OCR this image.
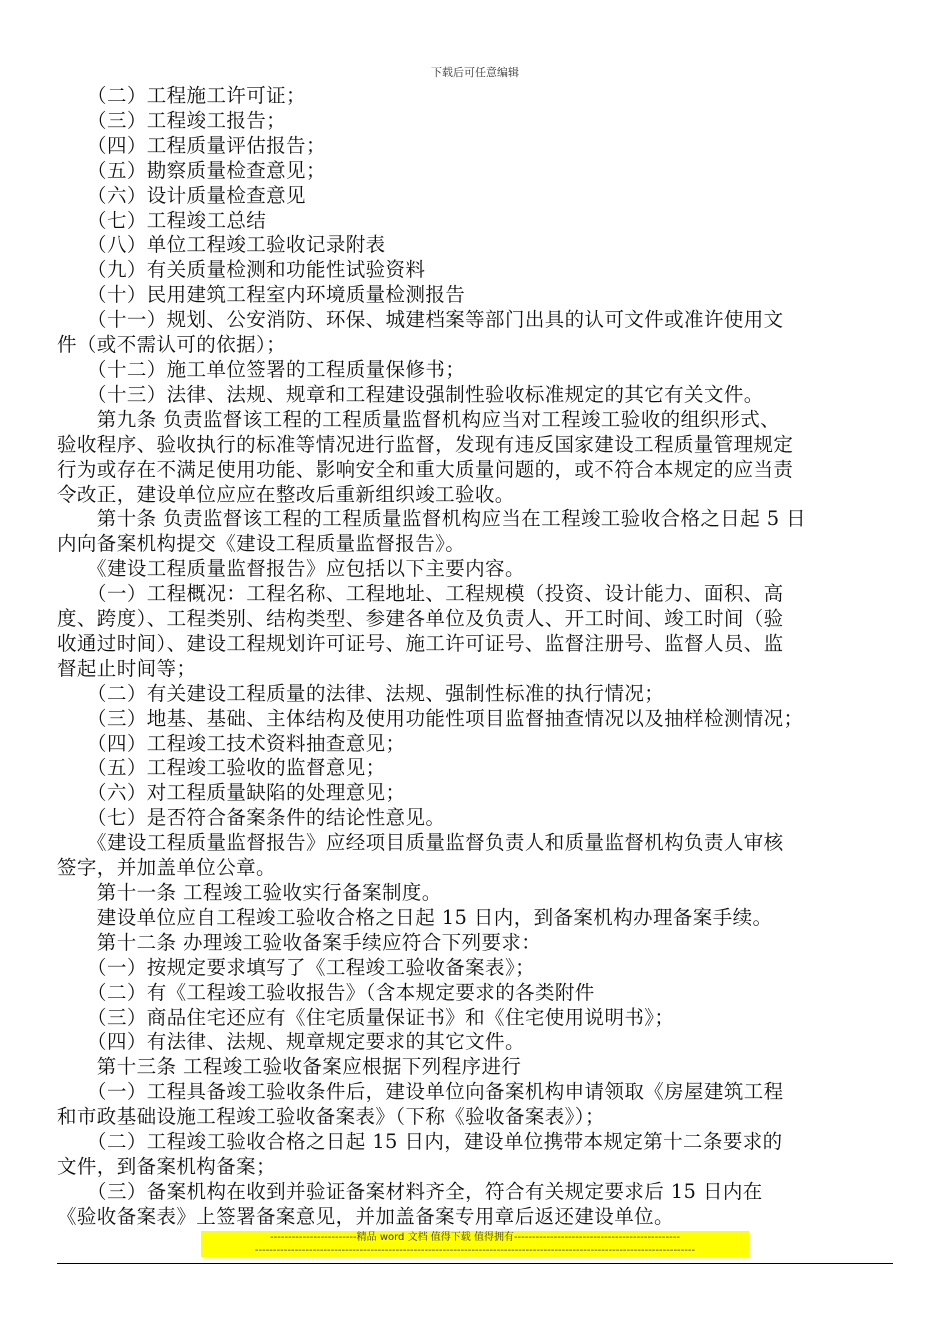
下载后可任意编辑
　　（二）工程施工许可证；
　　（三）工程竣工报告；
　　（四）工程质量评估报告；
　　（五）勘察质量检查意见；
　　（六）设计质量检查意见
　　（七）工程竣工总结
　　（八）单位工程竣工验收记录附表
　　（九）有关质量检测和功能性试验资料
　　（十）民用建筑工程室内环境质量检测报告
　　（十一）规划、公安消防、环保、城建档案等部门出具的认可文件或准许使用文
件（或不需认可的依据）；
　　（十二）施工单位签署的工程质量保修书；
　　（十三）法律、法规、规章和工程建设强制性验收标准规定的其它有关文件。
　　第九条 负责监督该工程的工程质量监督机构应当对工程竣工验收的组织形式、
验收程序、验收执行的标准等情况进行监督，发现有违反国家建设工程质量管理规定
行为或存在不满足使用功能、影响安全和重大质量问题的，或不符合本规定的应当责
令改正，建设单位应应在整改后重新组织竣工验收。
　　第十条 负责监督该工程的工程质量监督机构应当在工程竣工验收合格之日起 5 日
内向备案机构提交《建设工程质量监督报告》。
　　《建设工程质量监督报告》应包括以下主要内容。
　　（一）工程概况：工程名称、工程地址、工程规模（投资、设计能力、面积、高
度、跨度）、工程类别、结构类型、参建各单位及负责人、开工时间、竣工时间（验
收通过时间）、建设工程规划许可证号、施工许可证号、监督注册号、监督人员、监
督起止时间等；
　　（二）有关建设工程质量的法律、法规、强制性标准的执行情况；
　　（三）地基、基础、主体结构及使用功能性项目监督抽查情况以及抽样检测情况；
　　（四）工程竣工技术资料抽查意见；
　　（五）工程竣工验收的监督意见；
　　（六）对工程质量缺陷的处理意见；
　　（七）是否符合备案条件的结论性意见。
　　《建设工程质量监督报告》应经项目质量监督负责人和质量监督机构负责人审核
签字，并加盖单位公章。
　　第十一条 工程竣工验收实行备案制度。
　　建设单位应自工程竣工验收合格之日起 15 日内，到备案机构办理备案手续。
　　第十二条 办理竣工验收备案手续应符合下列要求：
　　（一）按规定要求填写了《工程竣工验收备案表》；
　　（二）有《工程竣工验收报告》（含本规定要求的各类附件
　　（三）商品住宅还应有《住宅质量保证书》和《住宅使用说明书》；
　　（四）有法律、法规、规章规定要求的其它文件。
　　第十三条 工程竣工验收备案应根据下列程序进行
　　（一）工程具备竣工验收条件后，建设单位向备案机构申请领取《房屋建筑工程
和市政基础设施工程竣工验收备案表》（下称《验收备案表》）；
　　（二）工程竣工验收合格之日起 15 日内，建设单位携带本规定第十二条要求的
文件，到备案机构备案；
　　（三）备案机构在收到并验证备案材料齐全，符合有关规定要求后 15 日内在
《验收备案表》上签署备案意见，并加盖备案专用章后返还建设单位。
------------------------精品 word 文档 值得下载 值得拥有----------------------------------------------
--------------------------------------------------------------------------------------------------------------------------
